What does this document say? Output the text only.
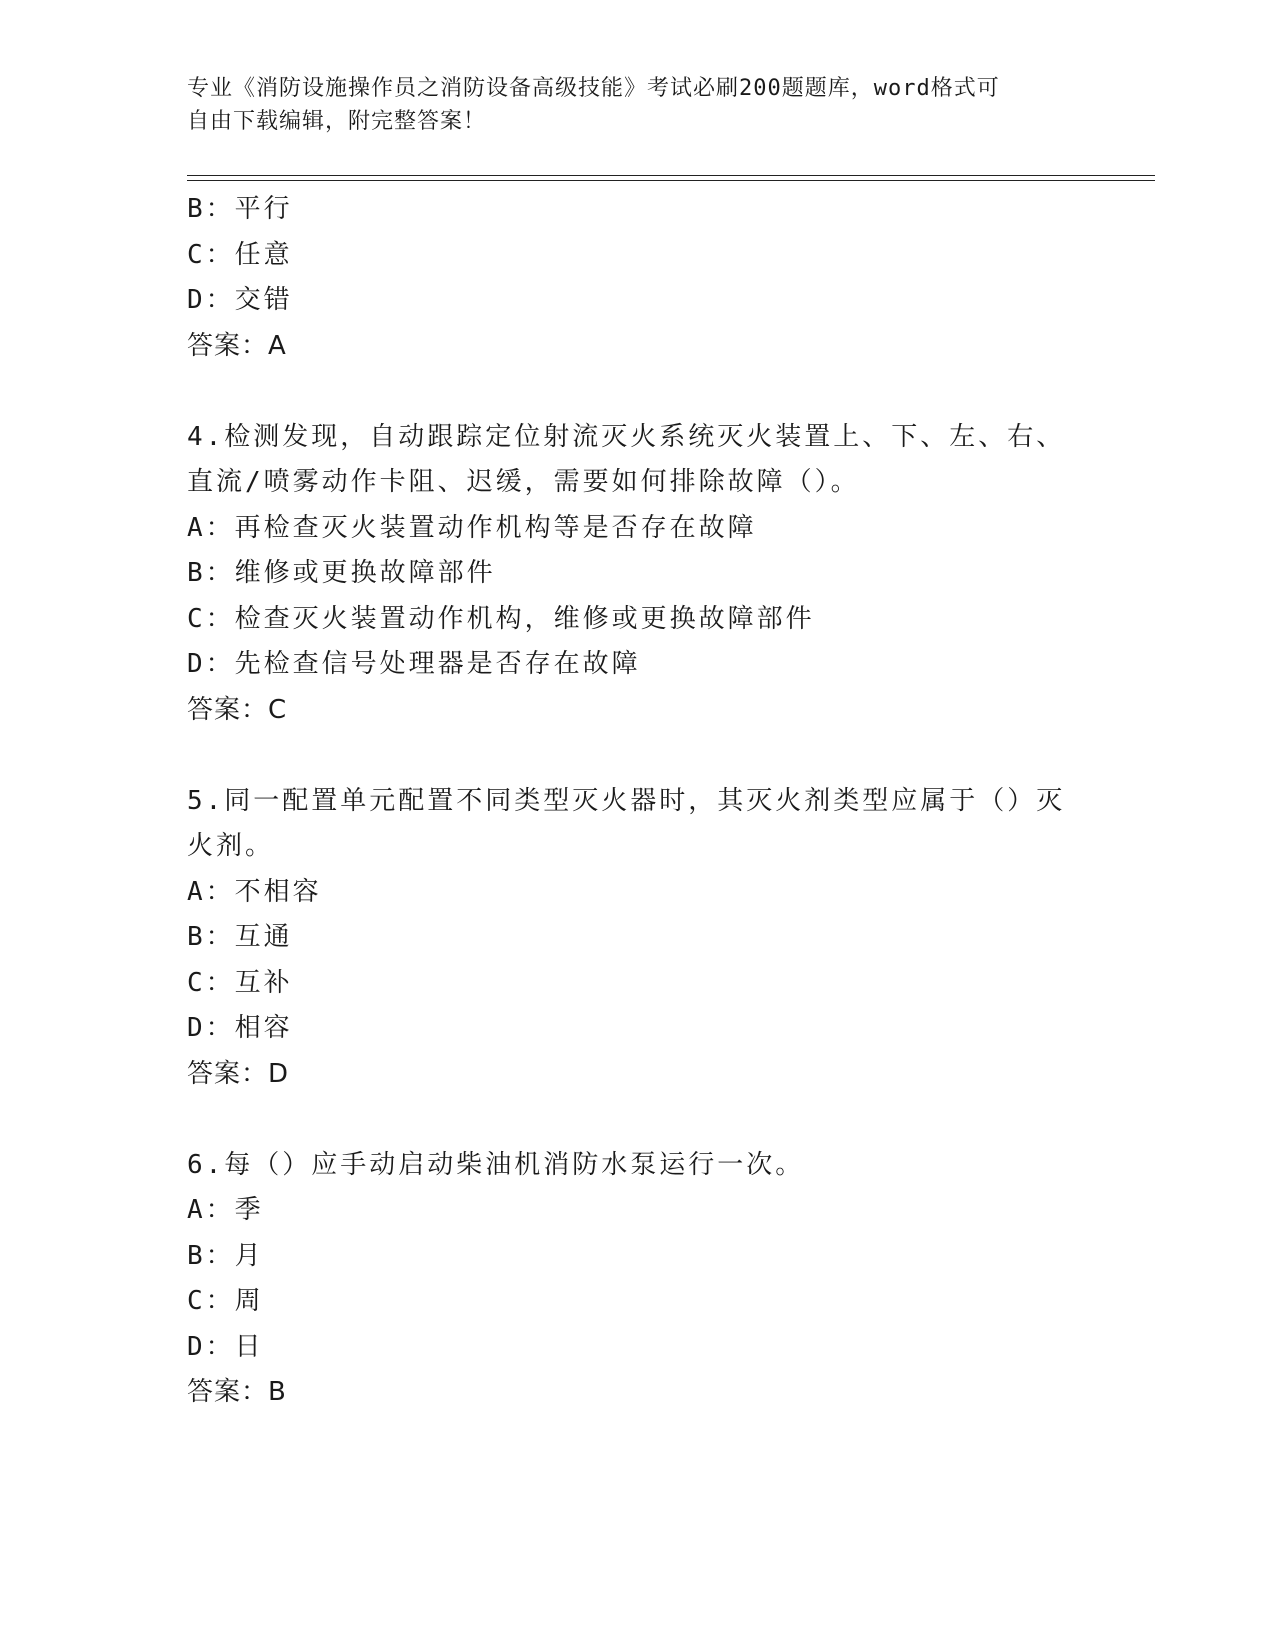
专业《消防设施操作员之消防设备高级技能》考试必刷200题题库，word格式可
自由下载编辑，附完整答案！
B：平行
C：任意
D：交错
答案：A
4.检测发现，自动跟踪定位射流灭火系统灭火装置上、下、左、右、
直流/喷雾动作卡阻、迟缓，需要如何排除故障（）。
A：再检查灭火装置动作机构等是否存在故障
B：维修或更换故障部件
C：检查灭火装置动作机构，维修或更换故障部件
D：先检查信号处理器是否存在故障
答案：C
5.同一配置单元配置不同类型灭火器时，其灭火剂类型应属于（）灭
火剂。
A：不相容
B：互通
C：互补
D：相容
答案：D
6.每（）应手动启动柴油机消防水泵运行一次。
A：季
B：月
C：周
D：日
答案：B
